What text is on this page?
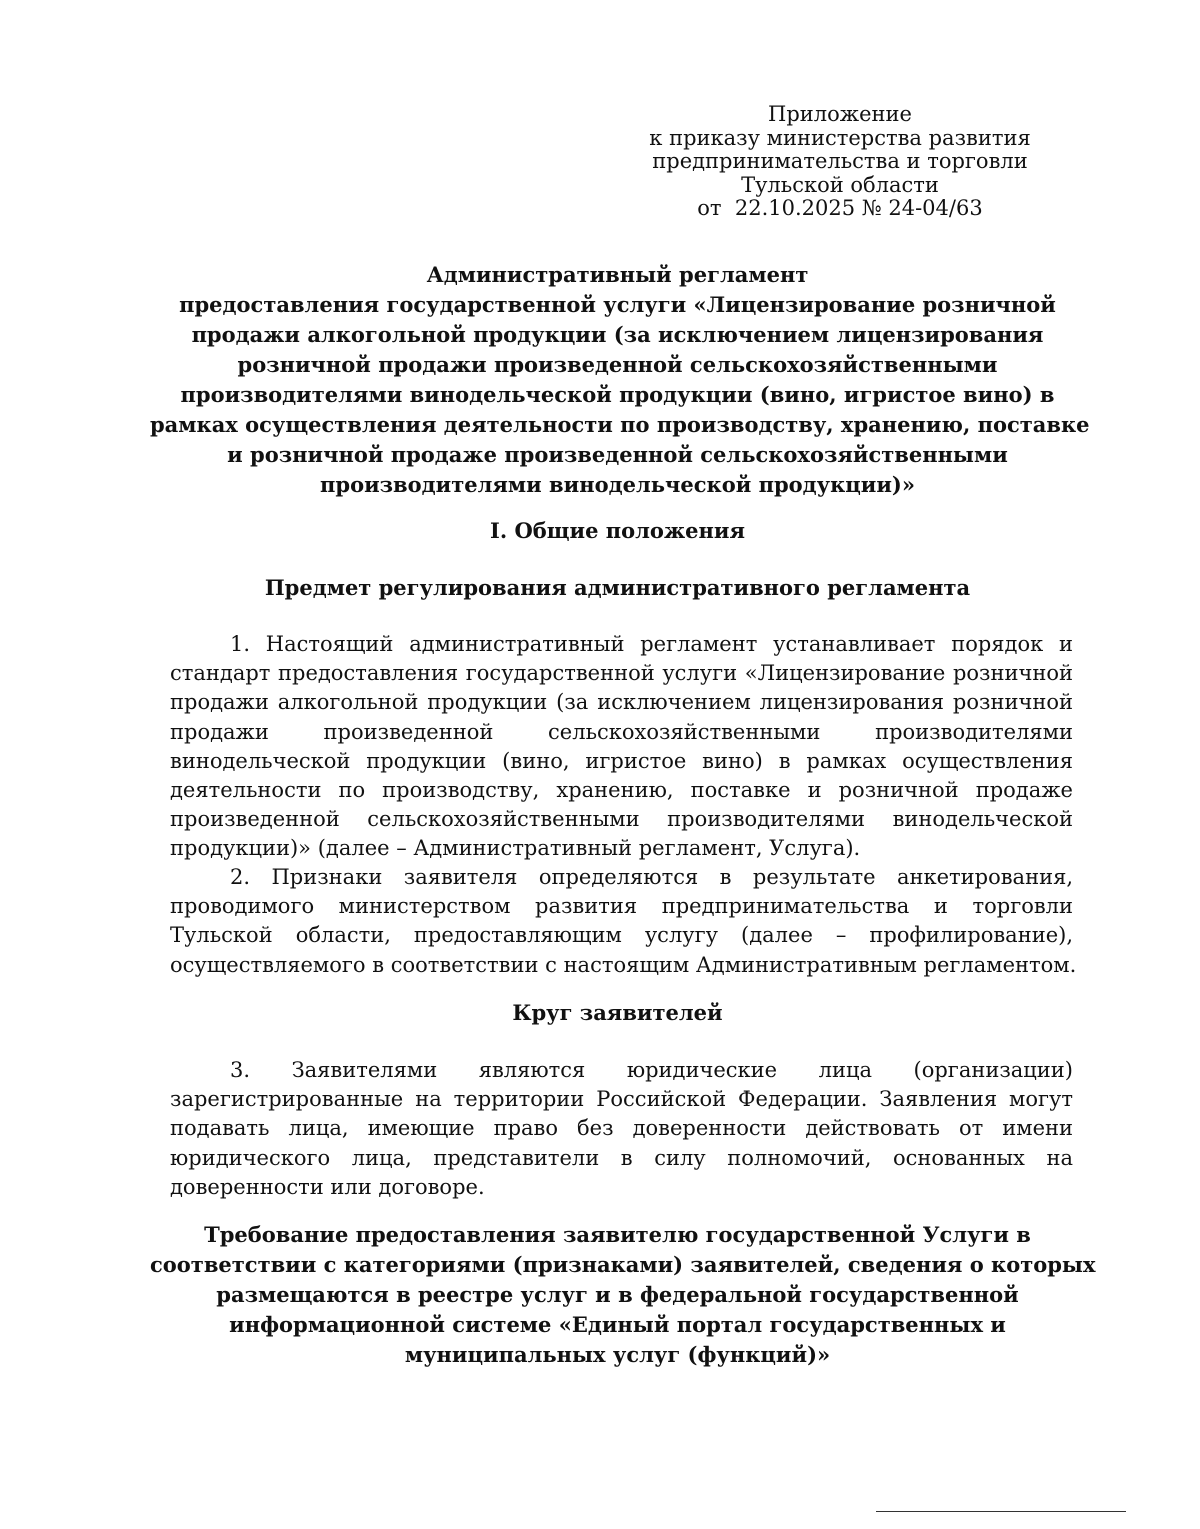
Приложение
к приказу министерства развития
предпринимательства и торговли
Тульской области
от  22.10.2025 № 24-04/63
Административный регламент
предоставления государственной услуги «Лицензирование розничной
продажи алкогольной продукции (за исключением лицензирования
розничной продажи произведенной сельскохозяйственными
производителями винодельческой продукции (вино, игристое вино) в
рамках осуществления деятельности по производству, хранению, поставке
и розничной продаже произведенной сельскохозяйственными
производителями винодельческой продукции)»
I. Общие положения
Предмет регулирования административного регламента
1. Настоящий административный регламент устанавливает порядок и
стандарт предоставления государственной услуги «Лицензирование розничной
продажи алкогольной продукции (за исключением лицензирования розничной
продажи произведенной сельскохозяйственными производителями
винодельческой продукции (вино, игристое вино) в рамках осуществления
деятельности по производству, хранению, поставке и розничной продаже
произведенной сельскохозяйственными производителями винодельческой
продукции)» (далее – Административный регламент, Услуга).
2. Признаки заявителя определяются в результате анкетирования,
проводимого министерством развития предпринимательства и торговли
Тульской области, предоставляющим услугу (далее – профилирование),
осуществляемого в соответствии с настоящим Административным регламентом.
Круг заявителей
3. Заявителями являются юридические лица (организации)
зарегистрированные на территории Российской Федерации. Заявления могут
подавать лица, имеющие право без доверенности действовать от имени
юридического лица, представители в силу полномочий, основанных на
доверенности или договоре.
Требование предоставления заявителю государственной Услуги в
соответствии с категориями (признаками) заявителей, сведения о которых
размещаются в реестре услуг и в федеральной государственной
информационной системе «Единый портал государственных и
муниципальных услуг (функций)»
